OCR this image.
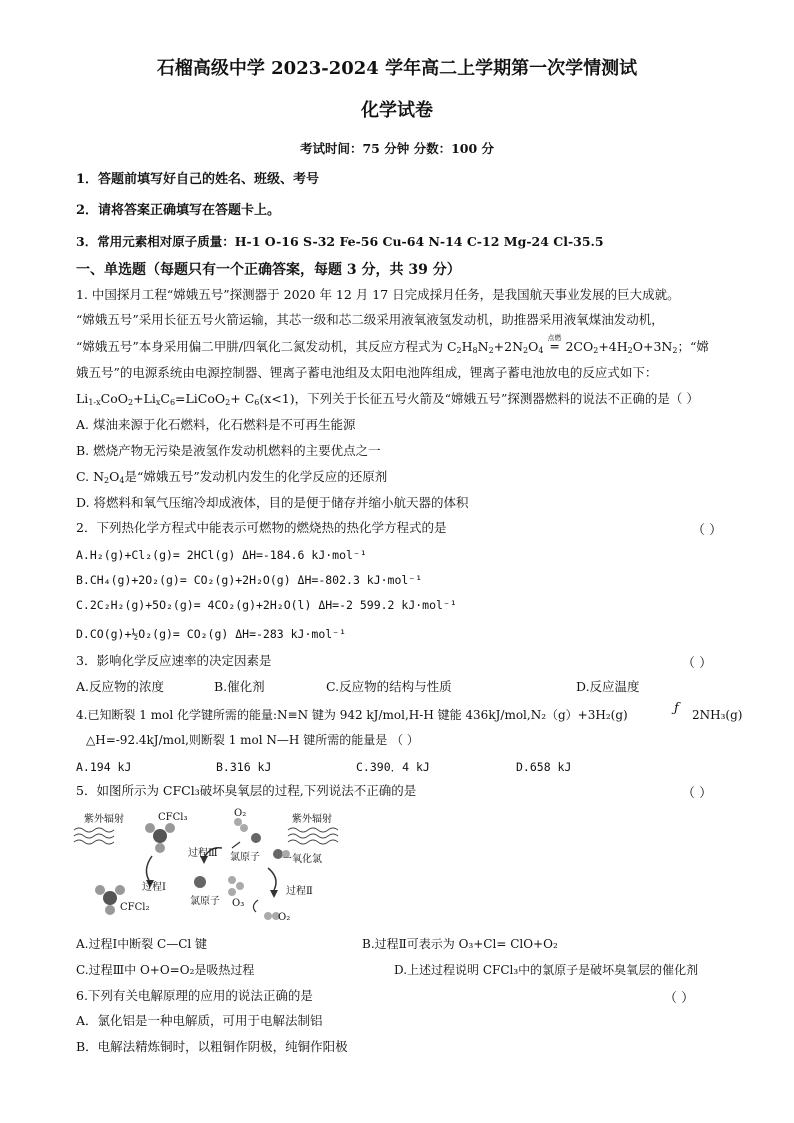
石榴高级中学 2023-2024 学年高二上学期第一次学情测试
化学试卷
考试时间：75 分钟 分数：100 分
1．答题前填写好自己的姓名、班级、考号
2．请将答案正确填写在答题卡上。
3．常用元素相对原子质量：H-1 O-16 S-32 Fe-56 Cu-64 N-14 C-12 Mg-24 Cl-35.5
一、单选题（每题只有一个正确答案，每题 3 分，共 39 分）
1. 中国探月工程“嫦娥五号”探测器于 2020 年 12 月 17 日完成採月任务，是我国航天事业发展的巨大成就。
“嫦娥五号”采用长征五号火箭运输，其芯一级和芯二级采用液氧液氢发动机，助推器采用液氧煤油发动机，
“嫦娥五号”本身采用偏二甲肼/四氧化二氮发动机，其反应方程式为 $C_2H_8N_2+2N_2O_4$
点燃
═ $2CO_2+4H_2O+3N_2$；“嫦
娥五号”的电源系统由电源控制器、锂离子蓄电池组及太阳电池阵组成，锂离子蓄电池放电的反应式如下：
$Li_{1-x}CoO_2+Li_xC_6=LiCoO_2+ C_6(x<1)$，下列关于长征五号火箭及“嫦娥五号”探测器燃料的说法不正确的是（ ）
A. 煤油来源于化石燃料，化石燃料是不可再生能源
B. 燃烧产物无污染是液氢作发动机燃料的主要优点之一
C. $N_2O_4$是“嫦娥五号”发动机内发生的化学反应的还原剂
D. 将燃料和氧气压缩冷却成液体，目的是便于储存并缩小航天器的体积
2．下列热化学方程式中能表示可燃物的燃烧热的热化学方程式的是	（ ）
A.H₂(g)+Cl₂(g)= 2HCl(g) ΔH=-184.6 kJ·mol⁻¹
B.CH₄(g)+2O₂(g)= CO₂(g)+2H₂O(g) ΔH=-802.3 kJ·mol⁻¹
C.2C₂H₂(g)+5O₂(g)= 4CO₂(g)+2H₂O(l) ΔH=-2 599.2 kJ·mol⁻¹
D.CO(g)+½O₂(g)= CO₂(g) ΔH=-283 kJ·mol⁻¹
3．影响化学反应速率的决定因素是	（ ）
A.反应物的浓度	B.催化剂	C.反应物的结构与性质	D.反应温度
4.已知断裂 1 mol 化学键所需的能量:N≡N 键为 942 kJ/mol,H-H 键能 436kJ/mol,N₂（g）+3H₂(g)	ƒ 2NH₃(g)
△H=-92.4kJ/mol,则断裂 1 mol N—H 键所需的能量是 （ ）
A.194 kJ	B.316 kJ	C.390．4 kJ	D.658 kJ
5．如图所示为 CFCl₃破坏臭氧层的过程,下列说法不正确的是	（ ）
紫外辐射	紫外辐射
CFCl₃
CFCl₂
O₂
过程Ⅲ 氯原子 一氧化氯
过程Ⅰ
氯原子 O₃
过程Ⅱ
O₂
A.过程Ⅰ中断裂 C—Cl 键	B.过程Ⅱ可表示为 O₃+Cl= ClO+O₂
C.过程Ⅲ中 O+O=O₂是吸热过程	D.上述过程说明 CFCl₃中的氯原子是破坏臭氧层的催化剂
6.下列有关电解原理的应用的说法正确的是	（ ）
A．氯化铝是一种电解质，可用于电解法制铝
B．电解法精炼铜时，以粗铜作阴极，纯铜作阳极
